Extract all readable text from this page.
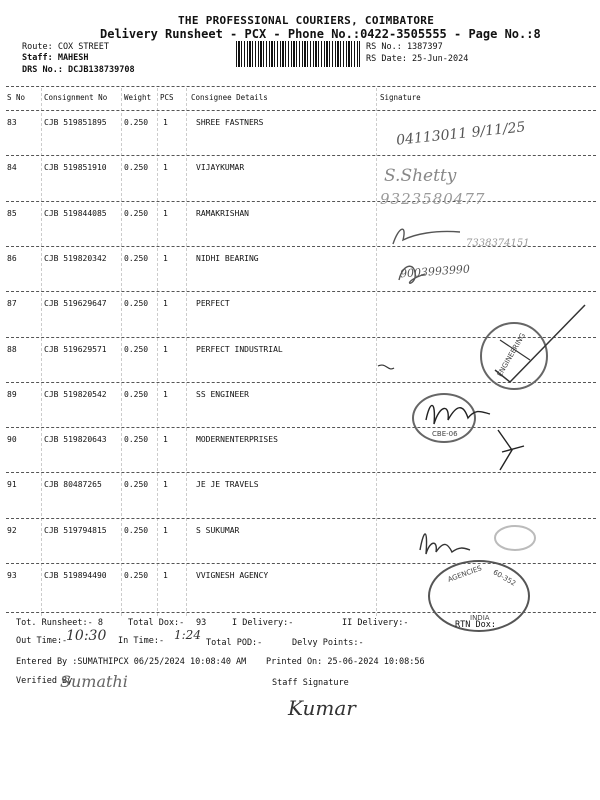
THE PROFESSIONAL COURIERS, COIMBATORE
Delivery Runsheet - PCX - Phone No.:0422-3505555 - Page No.:8
Route: COX STREET
Staff: MAHESH
DRS No.: DCJB138739708
RS No.: 1387397
RS Date: 25-Jun-2024
S No	Consignment No Weight PCS Consignee Details	Signature
83	CJB 519851895 0.250 1	SHREE FASTNERS
84	CJB 519851910 0.250 1	VIJAYKUMAR
85	CJB 519844085 0.250 1	RAMAKRISHAN
86	CJB 519820342 0.250 1	NIDHI BEARING
87	CJB 519629647 0.250 1	PERFECT
88	CJB 519629571 0.250 1	PERFECT INDUSTRIAL
89	CJB 519820542 0.250 1	SS ENGINEER
90	CJB 519820643 0.250 1	MODERNENTERPRISES
91	CJB 80487265	0.250 1	JE JE TRAVELS
92	CJB 519794815 0.250 1	S SUKUMAR
93	CJB 519894490 0.250 1	VVIGNESH AGENCY
04113011 9/11/25
S.Shetty
9323580477
7338374151
9003993990
ENGINEERING
CBE-06
AGENCIES 60-352
INDIA
Tot. Runsheet:- 8	Total Dox:- 93	I Delivery:-	II Delivery:-	RTN Dox:
Out Time:-
10:30 In Time:- 1:24
Total POD:-	Delvy Points:-
Entered By :SUMATHIPCX 06/25/2024 10:08:40 AM Printed On: 25-06-2024 10:08:56
Verified By
Sumathi	Staff Signature
Kumar
